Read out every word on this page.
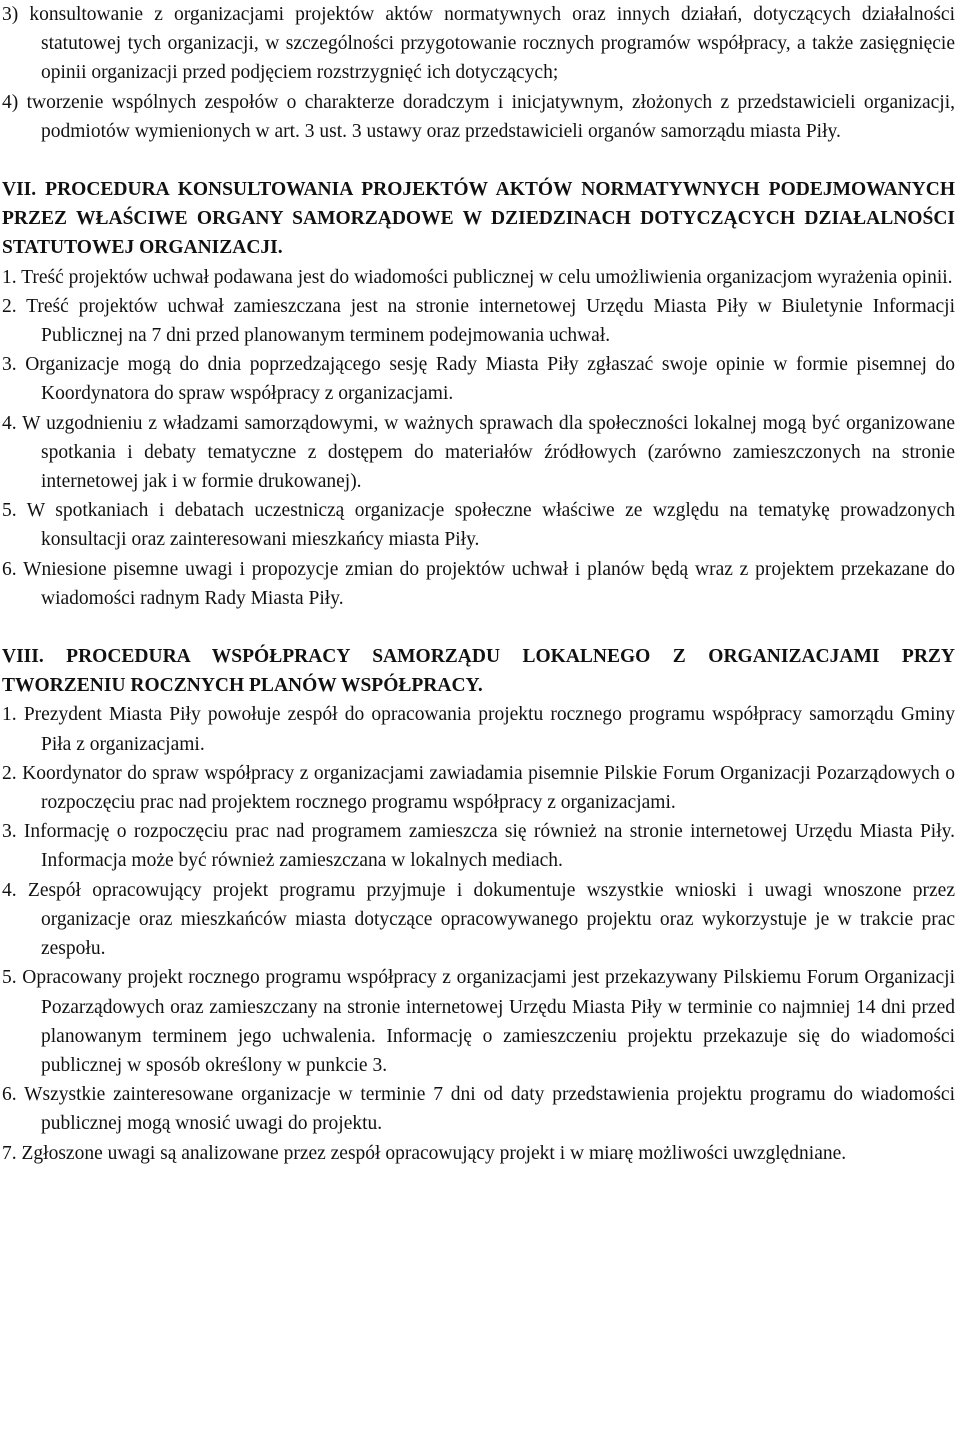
3) konsultowanie z organizacjami projektów aktów normatywnych oraz innych działań, dotyczących działalności statutowej tych organizacji, w szczególności przygotowanie rocznych programów współpracy, a także zasięgnięcie opinii organizacji przed podjęciem rozstrzygnięć ich dotyczących;
4) tworzenie wspólnych zespołów o charakterze doradczym i inicjatywnym, złożonych z przedstawicieli organizacji, podmiotów wymienionych w art. 3 ust. 3 ustawy oraz przedstawicieli organów samorządu miasta Piły.
VII. PROCEDURA KONSULTOWANIA PROJEKTÓW AKTÓW NORMATYWNYCH PODEJMOWANYCH PRZEZ WŁAŚCIWE ORGANY SAMORZĄDOWE W DZIEDZINACH DOTYCZĄCYCH DZIAŁALNOŚCI STATUTOWEJ ORGANIZACJI.
1. Treść projektów uchwał podawana jest do wiadomości publicznej w celu umożliwienia organizacjom wyrażenia opinii.
2. Treść projektów uchwał zamieszczana jest na stronie internetowej Urzędu Miasta Piły w Biuletynie Informacji Publicznej na 7 dni przed planowanym terminem podejmowania uchwał.
3. Organizacje mogą do dnia poprzedzającego sesję Rady Miasta Piły zgłaszać swoje opinie w formie pisemnej do Koordynatora do spraw współpracy z organizacjami.
4. W uzgodnieniu z władzami samorządowymi, w ważnych sprawach dla społeczności lokalnej mogą być organizowane spotkania i debaty tematyczne z dostępem do materiałów źródłowych (zarówno zamieszczonych na stronie internetowej jak i w formie drukowanej).
5. W spotkaniach i debatach uczestniczą organizacje społeczne właściwe ze względu na tematykę prowadzonych konsultacji oraz zainteresowani mieszkańcy miasta Piły.
6. Wniesione pisemne uwagi i propozycje zmian do projektów uchwał i planów będą wraz z projektem przekazane do wiadomości radnym Rady Miasta Piły.
VIII. PROCEDURA WSPÓŁPRACY SAMORZĄDU LOKALNEGO Z ORGANIZACJAMI PRZY TWORZENIU ROCZNYCH PLANÓW WSPÓŁPRACY.
1. Prezydent Miasta Piły powołuje zespół do opracowania projektu rocznego programu współpracy samorządu Gminy Piła z organizacjami.
2. Koordynator do spraw współpracy z organizacjami zawiadamia pisemnie Pilskie Forum Organizacji Pozarządowych o rozpoczęciu prac nad projektem rocznego programu współpracy z organizacjami.
3. Informację o rozpoczęciu prac nad programem zamieszcza się również na stronie internetowej Urzędu Miasta Piły. Informacja może być również zamieszczana w lokalnych mediach.
4. Zespół opracowujący projekt programu przyjmuje i dokumentuje wszystkie wnioski i uwagi wnoszone przez organizacje oraz mieszkańców miasta dotyczące opracowywanego projektu oraz wykorzystuje je w trakcie prac zespołu.
5. Opracowany projekt rocznego programu współpracy z organizacjami jest przekazywany Pilskiemu Forum Organizacji Pozarządowych oraz zamieszczany na stronie internetowej Urzędu Miasta Piły w terminie co najmniej 14 dni przed planowanym terminem jego uchwalenia. Informację o zamieszczeniu projektu przekazuje się do wiadomości publicznej w sposób określony w punkcie 3.
6. Wszystkie zainteresowane organizacje w terminie 7 dni od daty przedstawienia projektu programu do wiadomości publicznej mogą wnosić uwagi do projektu.
7. Zgłoszone uwagi są analizowane przez zespół opracowujący projekt i w miarę możliwości uwzględniane.
